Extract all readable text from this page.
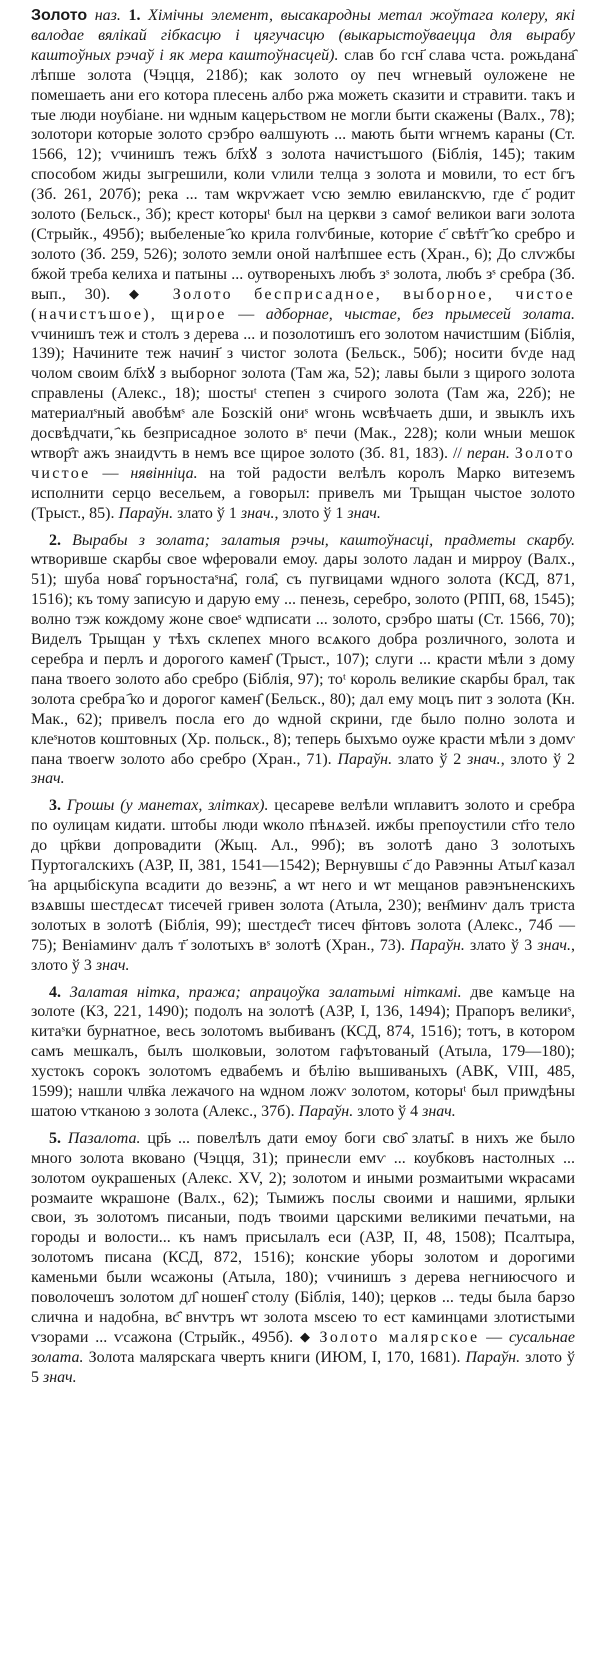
Золото наз. 1. Хімічны элемент, высакародны метал жоўтага колеру, які валодае вялікай гібкасцю і цягучасцю (выкарыстоўваецца для вырабу каштоўных рэчаў і як мера каштоўнасцей). слав бо гсн҃ слава чста. рожьдана҄ лѣпше золота (Чэцця, 218б); как золото оу печ ѡгневый оуложене не помешаеть ани его котора плесень албо ржа можеть сказити и стравити. такъ и тые люди ноубіане. ни ѡдным кацерьством не могли быти скажены (Валх., 78); золотори которые золото срэбро ѳалшують ... мають быти ѡгнемъ караны (Ст. 1566, 12); ѵчинишъ тежъ бл҃хꙋ з золота начистъшого (Біблія, 145); таким способом жиды зыгрешили, коли ѵлили телца з золота и мовили, то ест бгъ (Зб. 261, 207б); река ... там ѡкрѵжает ѵсю землю евиланскѵю, где с҃ родит золото (Бельск., 3б); крест которыᵗ был на церкви з самоѓ великои ваги золота (Стрыйк., 495б); выбеленые ҄ко крила голѵбиные, которие с҃ свѣт҃т ҄ко сребро и золото (Зб. 259, 526); золото земли оной налѣпшее есть (Хран., 6); До слѵжбы бжой треба келиха и патыны ... оутвореныхъ любъ зˢ золота, любъ зˢ сребра (Зб. вып., 30). ◆ Золото бесприсадное, выборное, чистое (начистъшое), щирое — адборнае, чыстае, без прымесей золата. ѵчинишъ теж и столъ з дерева ... и позолотишъ его золотом начистшим (Біблія, 139); Начините теж начин҃ з чистог золота (Бельск., 50б); носити бѵде над чолом своим бл҃хꙋ з выборног золота (Там жа, 52); лавы были з щирого золота справлены (Алекс., 18); шостыᵗ степен з счирого золота (Там жа, 22б); не материалˢный авобѣмˢ але Бозскій ониˢ ѡгонь ѡсвѣчаеть дши, и звыклъ ихъ досвѣдчати, ҄кь безприсадное золото вˢ печи (Мак., 228); коли ѡныи мешок ѡтвор҄т ажъ знаидѵть в немъ все щирое золото (Зб. 81, 183). // перан. Золото чистое — нявінніца. на той радости велѣлъ королъ Марко витеземъ исполнити серцо весельем, а говорыл: привелъ ми Трыщан чыстое золото (Трыст., 85). Параўн. злато ў 1 знач., злото ў 1 знач.

2. Вырабы з золата; залатыя рэчы, каштоўнасці, прадметы скарбу. ѡтворивше скарбы свое ѡферовали емоу. дары золото ладан и мирроу (Валх., 51); шуба нова҄ горъностаˢна҄, гола҄, съ пугвицами ѡдного золота (КСД, 871, 1516); къ тому записую и дарую ему ... пенезь, серебро, золото (РПП, 68, 1545); волно тэж кождому жоне своеˢ ѡдписати ... золото, срэбро шаты (Ст. 1566, 70); Виделъ Трыщан у тѣхъ склепех много всѧкого добра розличного, золота и серебра и перлъ и дорогого камен҄ (Трыст., 107); слуги ... красти мѣли з дому пана твоего золото або сребро (Біблія, 97); тоᵗ король великие скарбы брал, так золота сребра ҄ко и дорогог камен҄ (Бельск., 80); дал ему моцъ пит з золота (Кн. Мак., 62); привелъ посла его до ѡдной скрини, где было полно золота и клеˢнотов коштовных (Хр. польск., 8); теперь быхъмо оуже красти мѣли з домѵ пана твоегѡ золото або сребро (Хран., 71). Параўн. злато ў 2 знач., злото ў 2 знач.

3. Грошы (у манетах, злітках). цесареве велѣли ѡплавитъ золото и сребра по оулицам кидати. штобы люди ѡколо пѣнѧзей. ижбы препоустили ст҃го тело до цр҃кви допровадити (Жыц. Ал., 99б); въ золотѣ дано 3 золотыхъ Пуртогалскихъ (АЗР, II, 381, 1541—1542); Вернувшы с҃ до Равэнны Атыл҄ казал ҄на арцыбіскупа всадити до везэнь҄, а ѡт него и ѡт мещанов равэнъненскихъ взѧвшы шестдесѧт тисечей гривен золота (Атыла, 230); вен҄минѵ далъ триста золотых в золотѣ (Біблія, 99); шестдес҄т тисеч ф҃нтовъ золота (Алекс., 74б — 75); Веніаминѵ далъ т҃ золотыхъ вˢ золотѣ (Хран., 73). Параўн. злато ў 3 знач., злото ў 3 знач.

4. Залатая нітка, пража; апрацоўка залатымі ніткамі. две камъце на золоте (КЗ, 221, 1490); подолъ на золотѣ (АЗР, I, 136, 1494); Прапоръ великиˢ, китаˢки бурнатное, весь золотомъ выбиванъ (КСД, 874, 1516); тотъ, в котором самъ мешкалъ, былъ шолковыи, золотом гафътованый (Атыла, 179—180); хустокъ сорокъ золотомъ едвабемъ и бѣлiю вышиваныхъ (АВК, VIII, 485, 1599); нашли члв҃ка лежачого на ѡдном ложѵ золотом, которыᵗ был приѡдѣны шатою ѵтканою з золота (Алекс., 37б). Параўн. злото ў 4 знач.

5. Пазалота. цр҃ь ... повелѣлъ дати емоу боги сво҄ златы҄. в нихъ же было много золота вковано (Чэцця, 31); принесли емѵ ... коубковъ настолных ... золотом оукрашеных (Алекс. XV, 2); золотом и иными розмаитыми ѡкрасами розмаите ѡкрашоне (Валх., 62); Тымижъ послы своими и нашими, ярлыки свои, зъ золотомъ писаныи, подъ твоими царскими великими печатьми, на городы и волости... къ намъ присылалъ еси (АЗР, II, 48, 1508); Псалтыра, золотомъ писана (КСД, 872, 1516); конские уборы золотом и дорогими каменьми были ѡсажоны (Атыла, 180); ѵчинишъ з дерева негниюсчого и поволочешъ золотом дл҄ ношен҄ столу (Біблія, 140); церков ... теды была барзо слична и надобна, вс҄ внѵтръ ѡт золота мѕсею то ест каминцами злотистыми ѵзорами ... ѵсажона (Стрыйк., 495б). ◆ Золото малярское — сусальнае золата. Золота малярскага чверть книги (ИЮМ, I, 170, 1681). Параўн. злото ў 5 знач.
